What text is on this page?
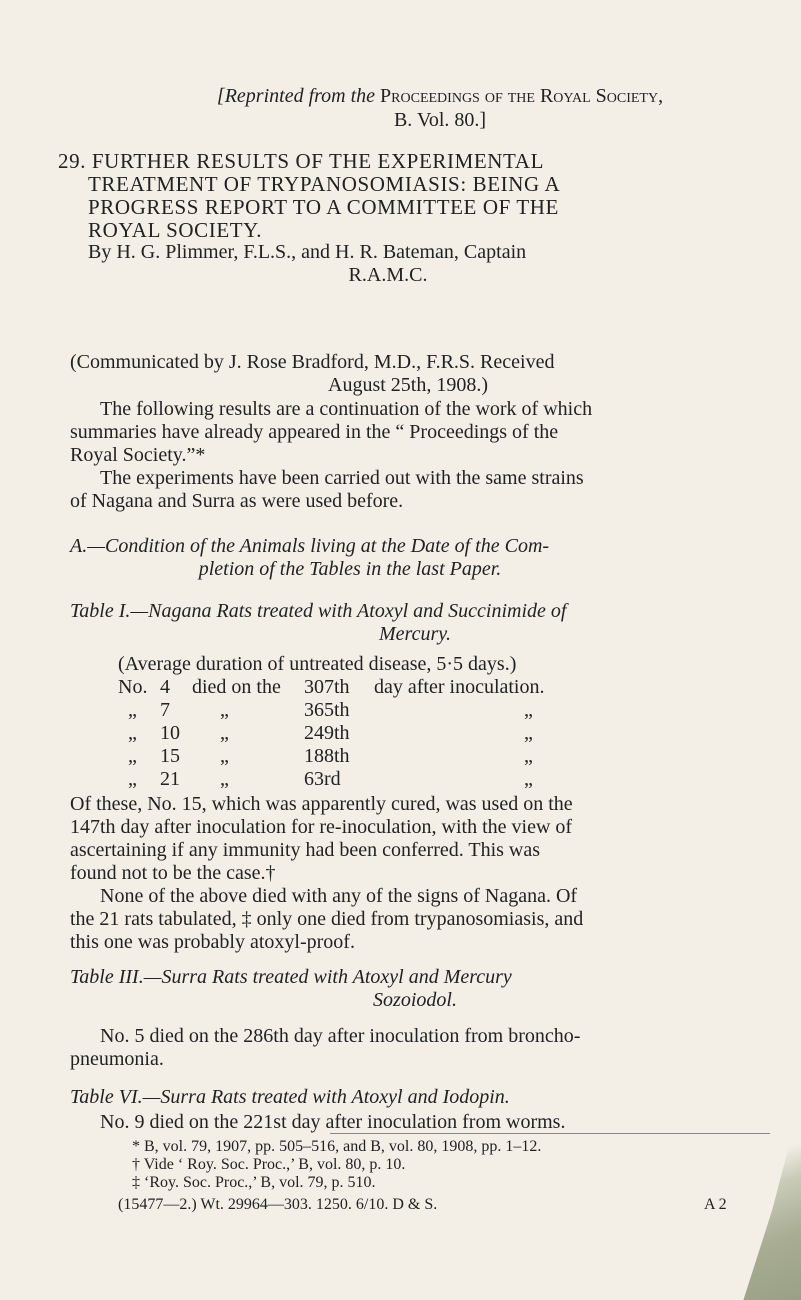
[Reprinted from the Proceedings of the Royal Society,
B. Vol. 80.]
29. FURTHER RESULTS OF THE EXPERIMENTAL
TREATMENT OF TRYPANOSOMIASIS: BEING A
PROGRESS REPORT TO A COMMITTEE OF THE
ROYAL SOCIETY.
By H. G. Plimmer, F.L.S., and H. R. Bateman, Captain
R.A.M.C.
(Communicated by J. Rose Bradford, M.D., F.R.S. Received
August 25th, 1908.)
The following results are a continuation of the work of which
summaries have already appeared in the “ Proceedings of the
Royal Society.”*
The experiments have been carried out with the same strains
of Nagana and Surra as were used before.
A.—Condition of the Animals living at the Date of the Com-
pletion of the Tables in the last Paper.
Table I.—Nagana Rats treated with Atoxyl and Succinimide of
Mercury.
(Average duration of untreated disease, 5·5 days.)
No. 4 died on the 307th day after inoculation.
„ 7	„	365th	„
„ 10 „	249th	„
„ 15 „	188th	„
„ 21 „	63rd	„
Of these, No. 15, which was apparently cured, was used on the
147th day after inoculation for re-inoculation, with the view of
ascertaining if any immunity had been conferred. This was
found not to be the case.†
None of the above died with any of the signs of Nagana. Of
the 21 rats tabulated, ‡ only one died from trypanosomiasis, and
this one was probably atoxyl-proof.
Table III.—Surra Rats treated with Atoxyl and Mercury
Sozoiodol.
No. 5 died on the 286th day after inoculation from broncho-
pneumonia.
Table VI.—Surra Rats treated with Atoxyl and Iodopin.
No. 9 died on the 221st day after inoculation from worms.
* B, vol. 79, 1907, pp. 505–516, and B, vol. 80, 1908, pp. 1–12.
† Vide ‘ Roy. Soc. Proc.,’ B, vol. 80, p. 10.
‡ ‘Roy. Soc. Proc.,’ B, vol. 79, p. 510.
(15477—2.) Wt. 29964—303. 1250. 6/10. D & S.	A 2
